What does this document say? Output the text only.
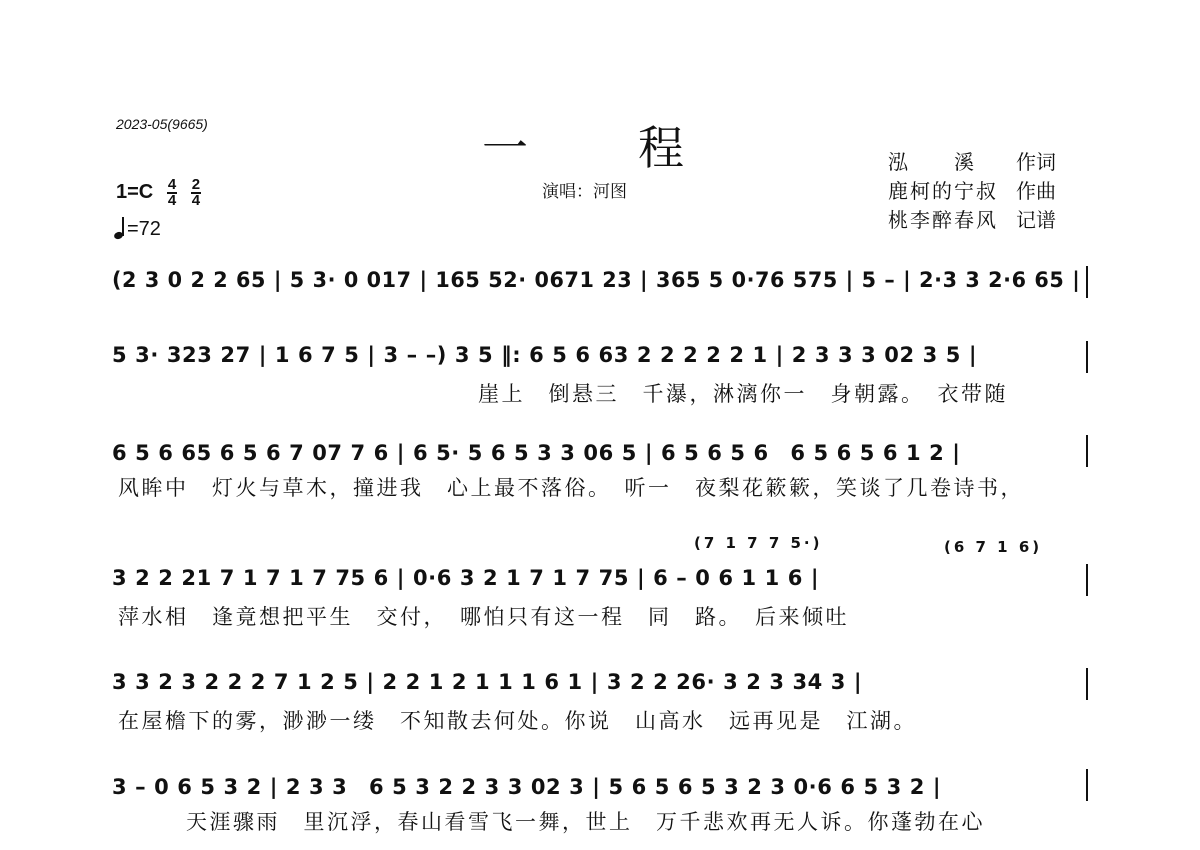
2023-05(9665)	一程
演唱：河图
泓　　溪	作词
鹿柯的宁叔 作曲
桃李醉春风 记谱
$1=C \frac{4}{4}$
$\frac{2}{4}$
=72
(2 3 0 2 2 65 | 5 3· 0 017 | 165 52· 0671 23 | 365 5 0·76 575 | 5 – | 2·3 3 2·6 65 |
5 3· 323 27 | 1 6 7 5 | 3 – –) 3 5 ‖: 6 5 6 63 2 2 2 2 2 1 | 2 3 3 3 02 3 5 |
崖上　倒悬三　千瀑，淋漓你一　身朝露。　衣带随
6 5 6 65 6 5 6 7 07 7 6 | 6 5· 5 6 5 3 3 06 5 | 6 5 6 5 6　6 5 6 5 6 1 2 |
风眸中　灯火与草木，撞进我　心上最不落俗。　听一　夜梨花簌簌，笑谈了几卷诗书，
(7 1 7 7 5·)	(6 7 1 6)
3 2 2 21 7 1 7 1 7 75 6 | 0·6 3 2 1 7 1 7 75 | 6 – 0 6 1 1 6 |
萍水相　逢竟想把平生　交付，　哪怕只有这一程　同　路。　后来倾吐
3 3 2 3 2 2 2 7 1 2 5 | 2 2 1 2 1 1 1 6 1 | 3 2 2 26· 3 2 3 34 3 |
在屋檐下的雾，渺渺一缕　不知散去何处。你说　山高水　远再见是　江湖。
3 – 0 6 5 3 2 | 2 3 3　6 5 3 2 2 3 3 02 3 | 5 6 5 6 5 3 2 3 0·6 6 5 3 2 |
天涯骤雨　里沉浮，春山看雪飞一舞，世上　万千悲欢再无人诉。你蓬勃在心
